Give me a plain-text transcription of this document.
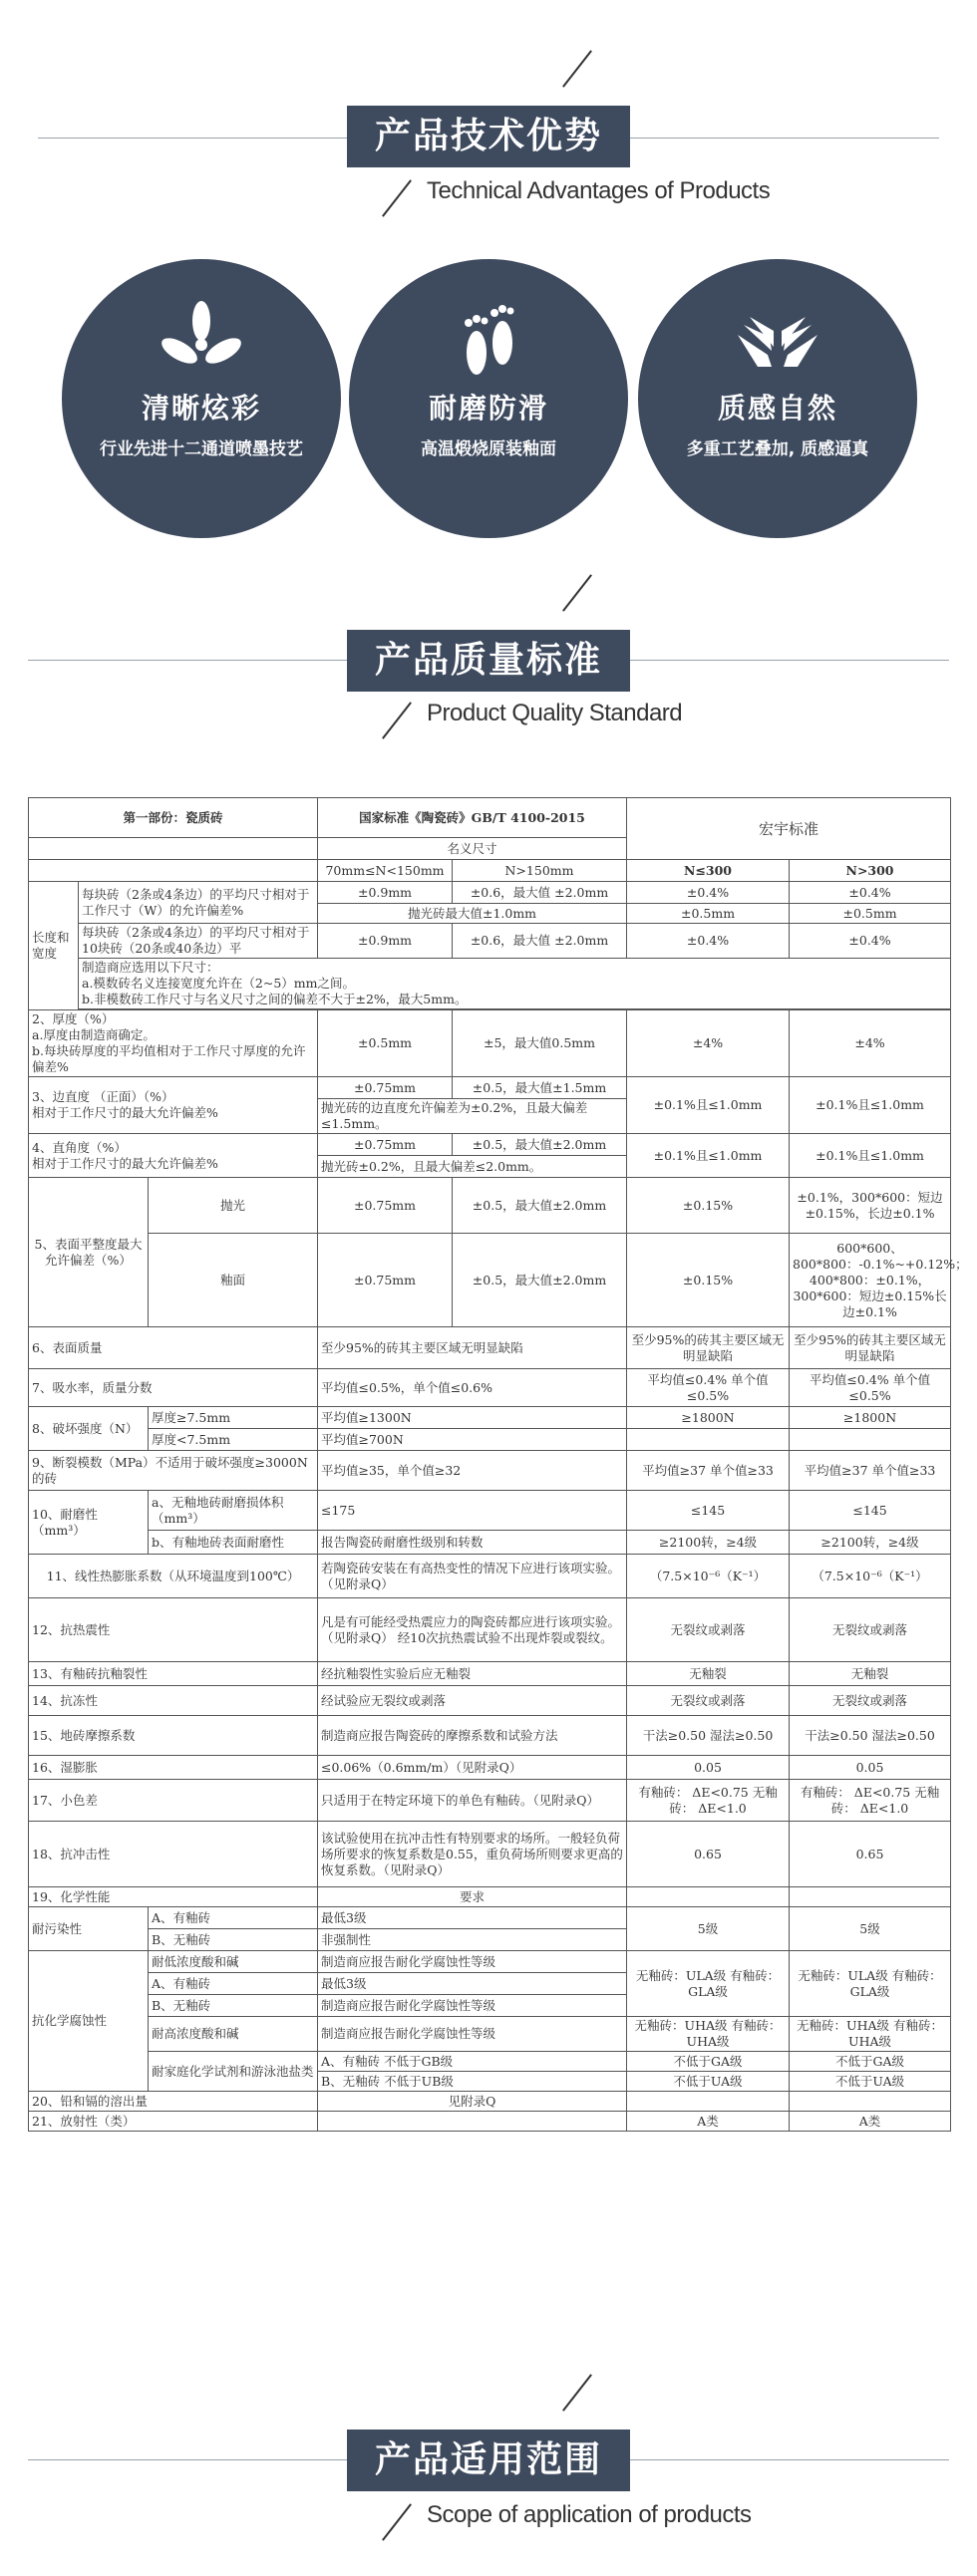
产品技术优势
Technical Advantages of Products
清晰炫彩
行业先进十二通道喷墨技艺
耐磨防滑
高温煅烧原装釉面
质感自然
多重工艺叠加, 质感逼真
产品质量标准
Product Quality Standard
第一部份：瓷质砖			国家标准《陶瓷砖》GB/T 4100-2015		宏宇标准	
			名义尺寸			
			70mm≤N<150mm	N>150mm	N≤300	N>300
长度和宽度	每块砖（2条或4条边）的平均尺寸相对于工作尺寸（W）的允许偏差%		±0.9mm	±0.6，最大值 ±2.0mm	±0.4%	±0.4%
			抛光砖最大值±1.0mm		±0.5mm	±0.5mm
	每块砖（2条或4条边）的平均尺寸相对于10块砖（20条或40条边）平		±0.9mm	±0.6，最大值 ±2.0mm	±0.4%	±0.4%

	制造商应选用以下尺寸：
a.模数砖名义连接宽度允许在（2~5）mm之间。
b.非模数砖工作尺寸与名义尺寸之间的偏差不大于±2%，最大5mm。					

2、厚度（%）
a.厚度由制造商确定。
b.每块砖厚度的平均值相对于工作尺寸厚度的允许偏差%			±0.5mm	±5，最大值0.5mm	±4%	±4%

3、边直度 （正面）（%）
相对于工作尺寸的最大允许偏差%			±0.75mm	±0.5，最大值±1.5mm	±0.1%且≤1.0mm	±0.1%且≤1.0mm
			抛光砖的边直度允许偏差为±0.2%，且最大偏差≤1.5mm。			

4、直角度（%）
相对于工作尺寸的最大允许偏差%			±0.75mm	±0.5，最大值±2.0mm	±0.1%且≤1.0mm	±0.1%且≤1.0mm
			抛光砖±0.2%，且最大偏差≤2.0mm。			
5、表面平整度最大允许偏差（%）		抛光	±0.75mm	±0.5，最大值±2.0mm	±0.15%	±0.1%，300*600：短边±0.15%，长边±0.1%
		釉面	±0.75mm	±0.5，最大值±2.0mm	±0.15%	600*600、800*800：-0.1%~+0.12%；400*800：±0.1%，300*600：短边±0.15%长边±0.1%
6、表面质量			至少95%的砖其主要区域无明显缺陷		至少95%的砖其主要区域无明显缺陷	至少95%的砖其主要区域无明显缺陷
7、吸水率，质量分数			平均值≤0.5%，单个值≤0.6%		平均值≤0.4% 单个值≤0.5%	平均值≤0.4% 单个值≤0.5%
8、破坏强度（N）		厚度≥7.5mm	平均值≥1300N		≥1800N	≥1800N
		厚度<7.5mm	平均值≥700N			
9、断裂模数（MPa）不适用于破坏强度≥3000N的砖			平均值≥35，单个值≥32		平均值≥37 单个值≥33	平均值≥37 单个值≥33
10、耐磨性（mm³）		a、无釉地砖耐磨损体积（mm³）	≤175		≤145	≤145
		b、有釉地砖表面耐磨性	报告陶瓷砖耐磨性级别和转数		≥2100转，≥4级	≥2100转，≥4级
11、线性热膨胀系数（从环境温度到100℃）			若陶瓷砖安装在有高热变性的情况下应进行该项实验。（见附录Q）		（7.5×10⁻⁶（K⁻¹）	（7.5×10⁻⁶（K⁻¹）
12、抗热震性			凡是有可能经受热震应力的陶瓷砖都应进行该项实验。（见附录Q） 经10次抗热震试验不出现炸裂或裂纹。		无裂纹或剥落	无裂纹或剥落
13、有釉砖抗釉裂性			经抗釉裂性实验后应无釉裂		无釉裂	无釉裂
14、抗冻性			经试验应无裂纹或剥落		无裂纹或剥落	无裂纹或剥落
15、地砖摩擦系数			制造商应报告陶瓷砖的摩擦系数和试验方法		干法≥0.50 湿法≥0.50	干法≥0.50 湿法≥0.50
16、湿膨胀			≤0.06%（0.6mm/m）（见附录Q）		0.05	0.05
17、小色差			只适用于在特定环境下的单色有釉砖。（见附录Q）		有釉砖： ΔE<0.75 无釉砖： ΔE<1.0	有釉砖： ΔE<0.75 无釉砖： ΔE<1.0
18、抗冲击性			该试验使用在抗冲击性有特别要求的场所。一般轻负荷场所要求的恢复系数是0.55，重负荷场所则要求更高的恢复系数。（见附录Q）		0.65	0.65
19、化学性能			要求			
耐污染性		A、有釉砖	最低3级		5级	5级
		B、无釉砖	非强制性			
抗化学腐蚀性		耐低浓度酸和碱	制造商应报告耐化学腐蚀性等级		无釉砖：ULA级 有釉砖：GLA级	无釉砖：ULA级 有釉砖：GLA级
		A、有釉砖	最低3级			
		B、无釉砖	制造商应报告耐化学腐蚀性等级			
		耐高浓度酸和碱	制造商应报告耐化学腐蚀性等级		无釉砖：UHA级 有釉砖：UHA级	无釉砖：UHA级 有釉砖：UHA级
		耐家庭化学试剂和游泳池盐类	A、有釉砖 不低于GB级		不低于GA级	不低于GA级
			B、无釉砖 不低于UB级		不低于UA级	不低于UA级
20、铅和镉的溶出量			见附录Q			
21、放射性（类）					A类	A类
产品适用范围
Scope of application of products
